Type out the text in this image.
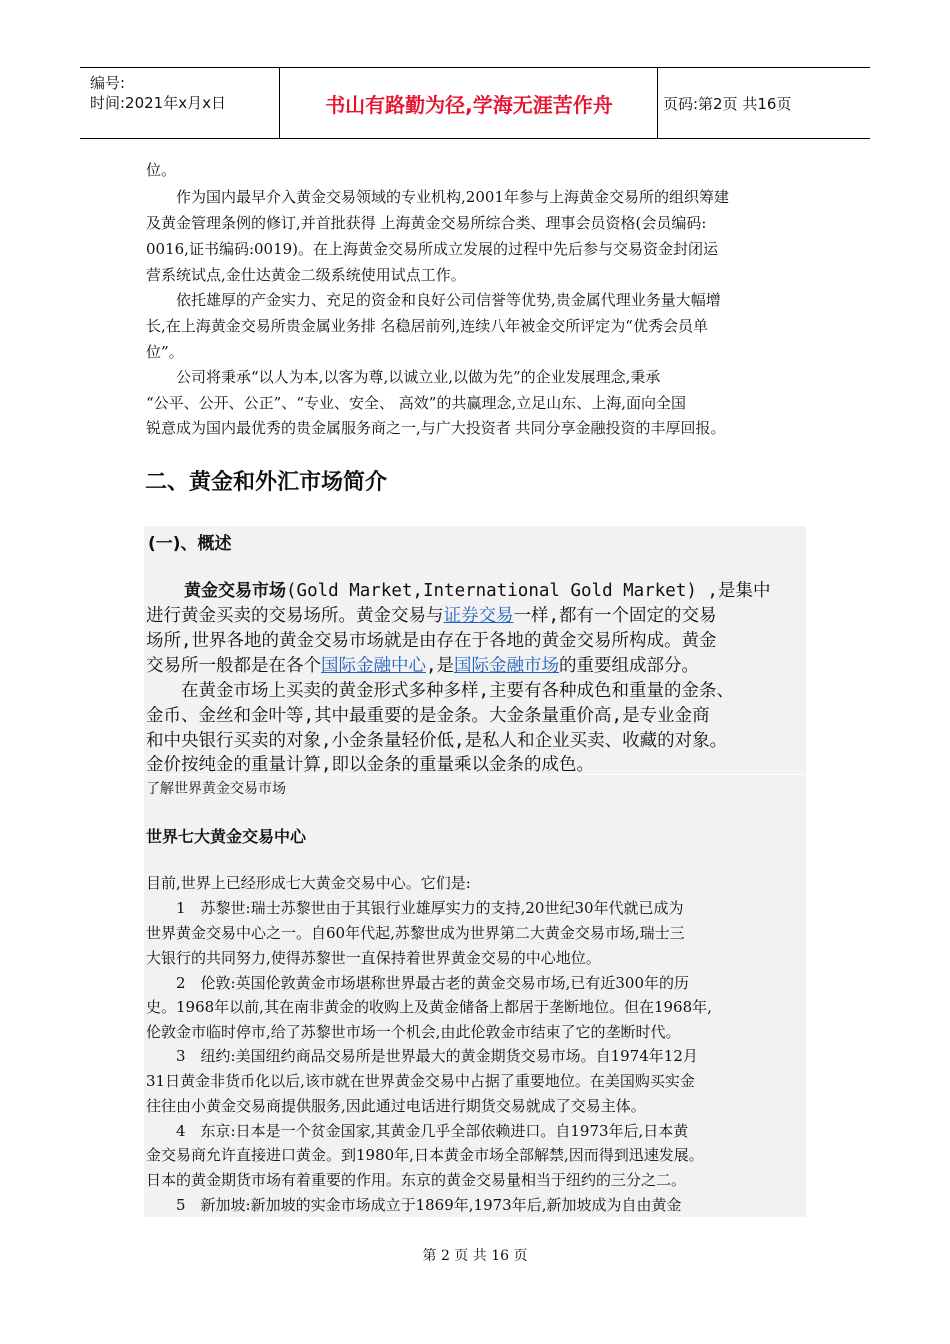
编号:
时间:2021年x月x日	书山有路勤为径,学海无涯苦作舟	页码:第2页 共16页
位。
　　作为国内最早介入黄金交易领域的专业机构,2001年参与上海黄金交易所的组织筹建
及黄金管理条例的修订,并首批获得 上海黄金交易所综合类、理事会员资格(会员编码:
0016,证书编码:0019)。在上海黄金交易所成立发展的过程中先后参与交易资金封闭运
营系统试点,金仕达黄金二级系统使用试点工作。
　　依托雄厚的产金实力、充足的资金和良好公司信誉等优势,贵金属代理业务量大幅增
长,在上海黄金交易所贵金属业务排 名稳居前列,连续八年被金交所评定为“优秀会员单
位”。
　　公司将秉承“以人为本,以客为尊,以诚立业,以做为先”的企业发展理念,秉承
“公平、公开、公正”、“专业、安全、 高效”的共赢理念,立足山东、上海,面向全国
锐意成为国内最优秀的贵金属服务商之一,与广大投资者 共同分享金融投资的丰厚回报。
二、黄金和外汇市场简介
(一)、概述
黄金交易市场(Gold Market,International Gold Market) ,是集中
进行黄金买卖的交易场所。黄金交易与证券交易一样,都有一个固定的交易
场所,世界各地的黄金交易市场就是由存在于各地的黄金交易所构成。黄金
交易所一般都是在各个国际金融中心,是国际金融市场的重要组成部分。
　　在黄金市场上买卖的黄金形式多种多样,主要有各种成色和重量的金条、
金币、金丝和金叶等,其中最重要的是金条。大金条量重价高,是专业金商
和中央银行买卖的对象,小金条量轻价低,是私人和企业买卖、收藏的对象。
金价按纯金的重量计算,即以金条的重量乘以金条的成色。
了解世界黄金交易市场
世界七大黄金交易中心
目前,世界上已经形成七大黄金交易中心。它们是:
　　1　苏黎世:瑞士苏黎世由于其银行业雄厚实力的支持,20世纪30年代就已成为
世界黄金交易中心之一。自60年代起,苏黎世成为世界第二大黄金交易市场,瑞士三
大银行的共同努力,使得苏黎世一直保持着世界黄金交易的中心地位。
　　2　伦敦:英国伦敦黄金市场堪称世界最古老的黄金交易市场,已有近300年的历
史。1968年以前,其在南非黄金的收购上及黄金储备上都居于垄断地位。但在1968年,
伦敦金市临时停市,给了苏黎世市场一个机会,由此伦敦金市结束了它的垄断时代。
　　3　纽约:美国纽约商品交易所是世界最大的黄金期货交易市场。自1974年12月
31日黄金非货币化以后,该市就在世界黄金交易中占据了重要地位。在美国购买实金
往往由小黄金交易商提供服务,因此通过电话进行期货交易就成了交易主体。
　　4　东京:日本是一个贫金国家,其黄金几乎全部依赖进口。自1973年后,日本黄
金交易商允许直接进口黄金。到1980年,日本黄金市场全部解禁,因而得到迅速发展。
日本的黄金期货市场有着重要的作用。东京的黄金交易量相当于纽约的三分之二。
　　5　新加坡:新加坡的实金市场成立于1869年,1973年后,新加坡成为自由黄金
第 2 页 共 16 页
